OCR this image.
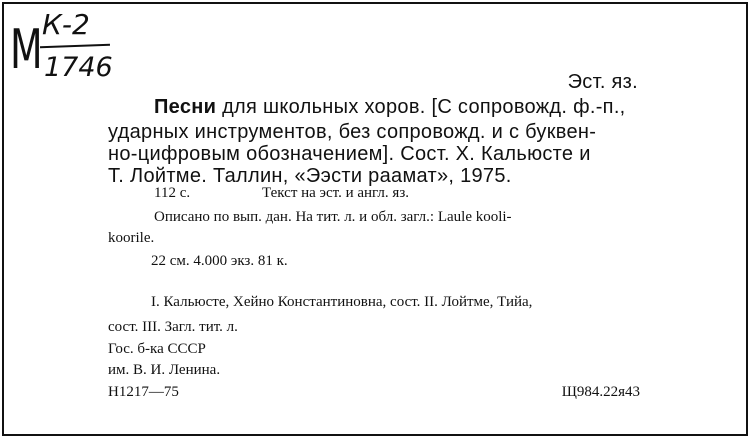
M К-2
1746	Эст. яз.
Песни для школьных хоров. [С сопровожд. ф.-п.,
ударных инструментов, без сопровожд. и с буквен-
но-цифровым обозначением]. Сост. Х. Кальюсте и
Т. Лойтме. Таллин, «Ээсти раамат», 1975.
112 с.	Текст на эст. и англ. яз.
Описано по вып. дан. На тит. л. и обл. загл.: Laule kooli-
koorile.
22 см. 4.000 экз. 81 к.
I. Кальюсте, Хейно Константиновна, сост. II. Лойтме, Тийа,
сост. III. Загл. тит. л.
Гос. б-ка СССР
им. В. И. Ленина.
Н1217—75	Щ984.22я43
